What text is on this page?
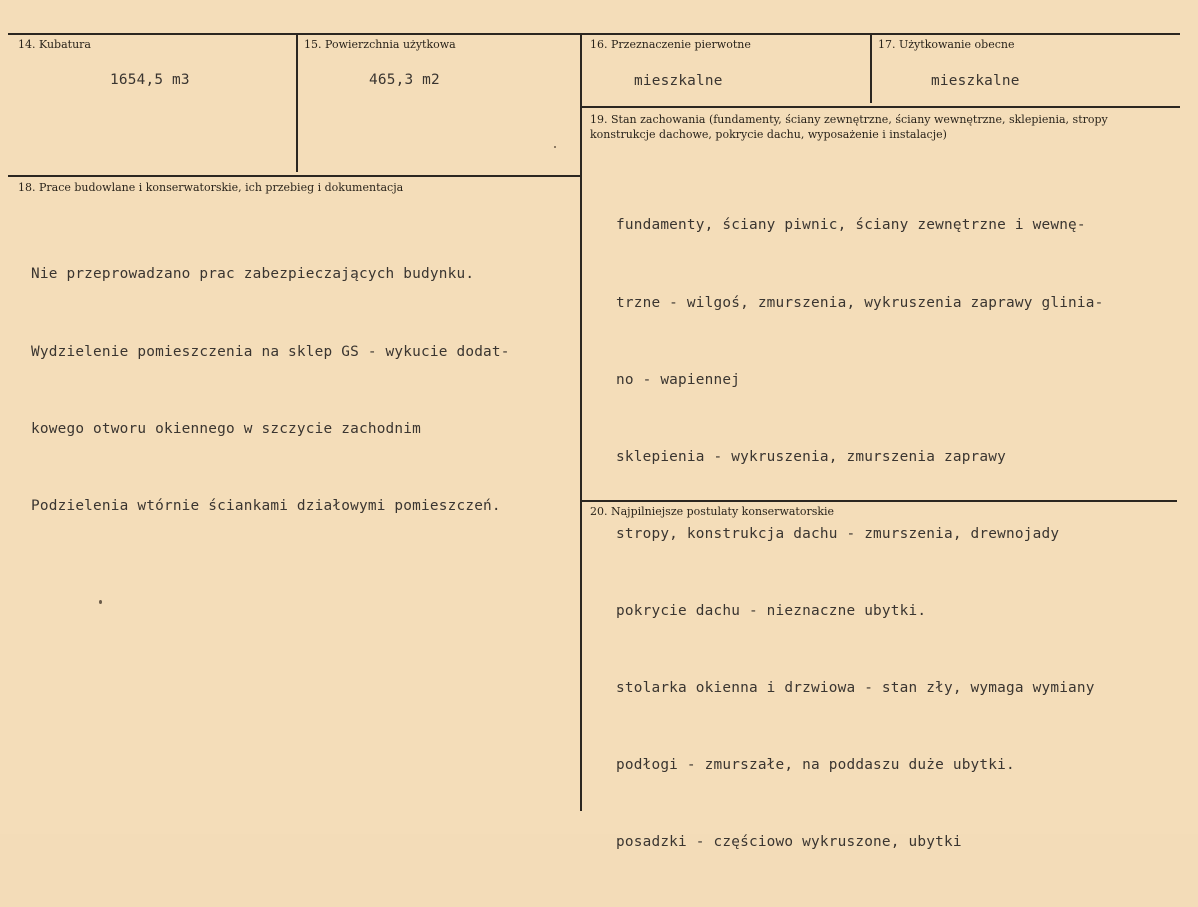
14. Kubatura
1654,5 m3
15. Powierzchnia użytkowa
465,3 m2
16. Przeznaczenie pierwotne
mieszkalne
17. Użytkowanie obecne
mieszkalne
18. Prace budowlane i konserwatorskie, ich przebieg i dokumentacja

Nie przeprowadzano prac zabezpieczających budynku.

Wydzielenie pomieszczenia na sklep GS - wykucie dodat-

kowego otworu okiennego w szczycie zachodnim

Podzielenia wtórnie ściankami działowymi pomieszczeń.

19. Stan zachowania (fundamenty, ściany zewnętrzne, ściany wewnętrzne, sklepienia, stropy konstrukcje dachowe, pokrycie dachu, wyposażenie i instalacje)

fundamenty, ściany piwnic, ściany zewnętrzne i wewnę-

trzne - wilgoś, zmurszenia, wykruszenia zaprawy glinia-

no - wapiennej

sklepienia - wykruszenia, zmurszenia zaprawy

stropy, konstrukcja dachu - zmurszenia, drewnojady

pokrycie dachu - nieznaczne ubytki.

stolarka okienna i drzwiowa - stan zły, wymaga wymiany

podłogi - zmurszałe, na poddaszu duże ubytki.

posadzki - częściowo wykruszone, ubytki

20. Najpilniejsze postulaty konserwatorskie
